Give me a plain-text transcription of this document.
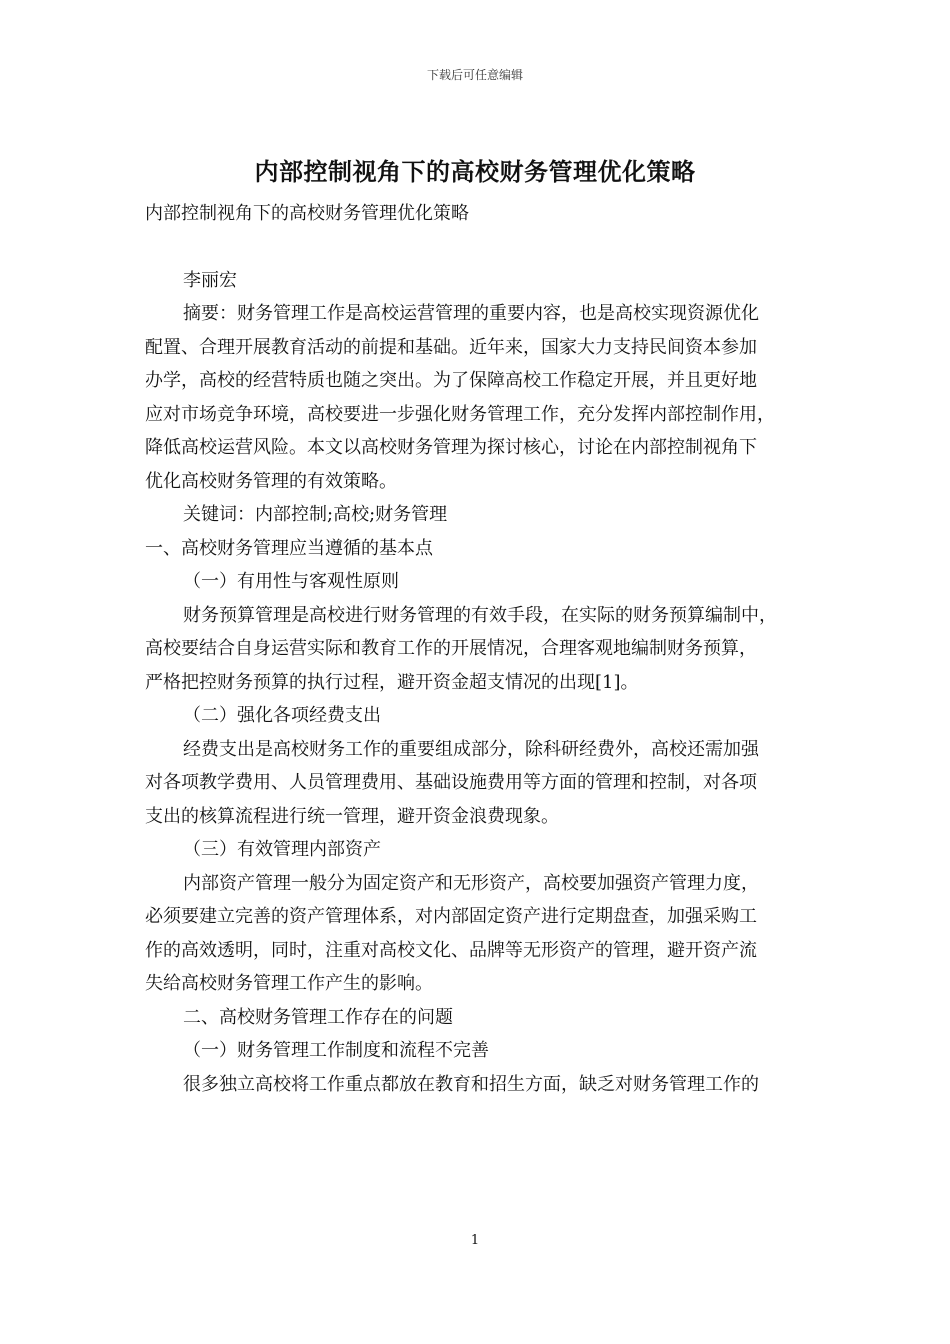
下载后可任意编辑
内部控制视角下的高校财务管理优化策略

内部控制视角下的高校财务管理优化策略

李丽宏

摘要：财务管理工作是高校运营管理的重要内容，也是高校实现资源优化

配置、合理开展教育活动的前提和基础。近年来，国家大力支持民间资本参加

办学，高校的经营特质也随之突出。为了保障高校工作稳定开展，并且更好地

应对市场竞争环境，高校要进一步强化财务管理工作，充分发挥内部控制作用，

降低高校运营风险。本文以高校财务管理为探讨核心，讨论在内部控制视角下

优化高校财务管理的有效策略。

关键词：内部控制;高校;财务管理

一、高校财务管理应当遵循的基本点

（一）有用性与客观性原则

财务预算管理是高校进行财务管理的有效手段，在实际的财务预算编制中，

高校要结合自身运营实际和教育工作的开展情况，合理客观地编制财务预算，

严格把控财务预算的执行过程，避开资金超支情况的出现[1]。

（二）强化各项经费支出

经费支出是高校财务工作的重要组成部分，除科研经费外，高校还需加强

对各项教学费用、人员管理费用、基础设施费用等方面的管理和控制，对各项

支出的核算流程进行统一管理，避开资金浪费现象。

（三）有效管理内部资产

内部资产管理一般分为固定资产和无形资产，高校要加强资产管理力度，

必须要建立完善的资产管理体系，对内部固定资产进行定期盘查，加强采购工

作的高效透明，同时，注重对高校文化、品牌等无形资产的管理，避开资产流

失给高校财务管理工作产生的影响。

二、高校财务管理工作存在的问题

（一）财务管理工作制度和流程不完善

很多独立高校将工作重点都放在教育和招生方面，缺乏对财务管理工作的

1
